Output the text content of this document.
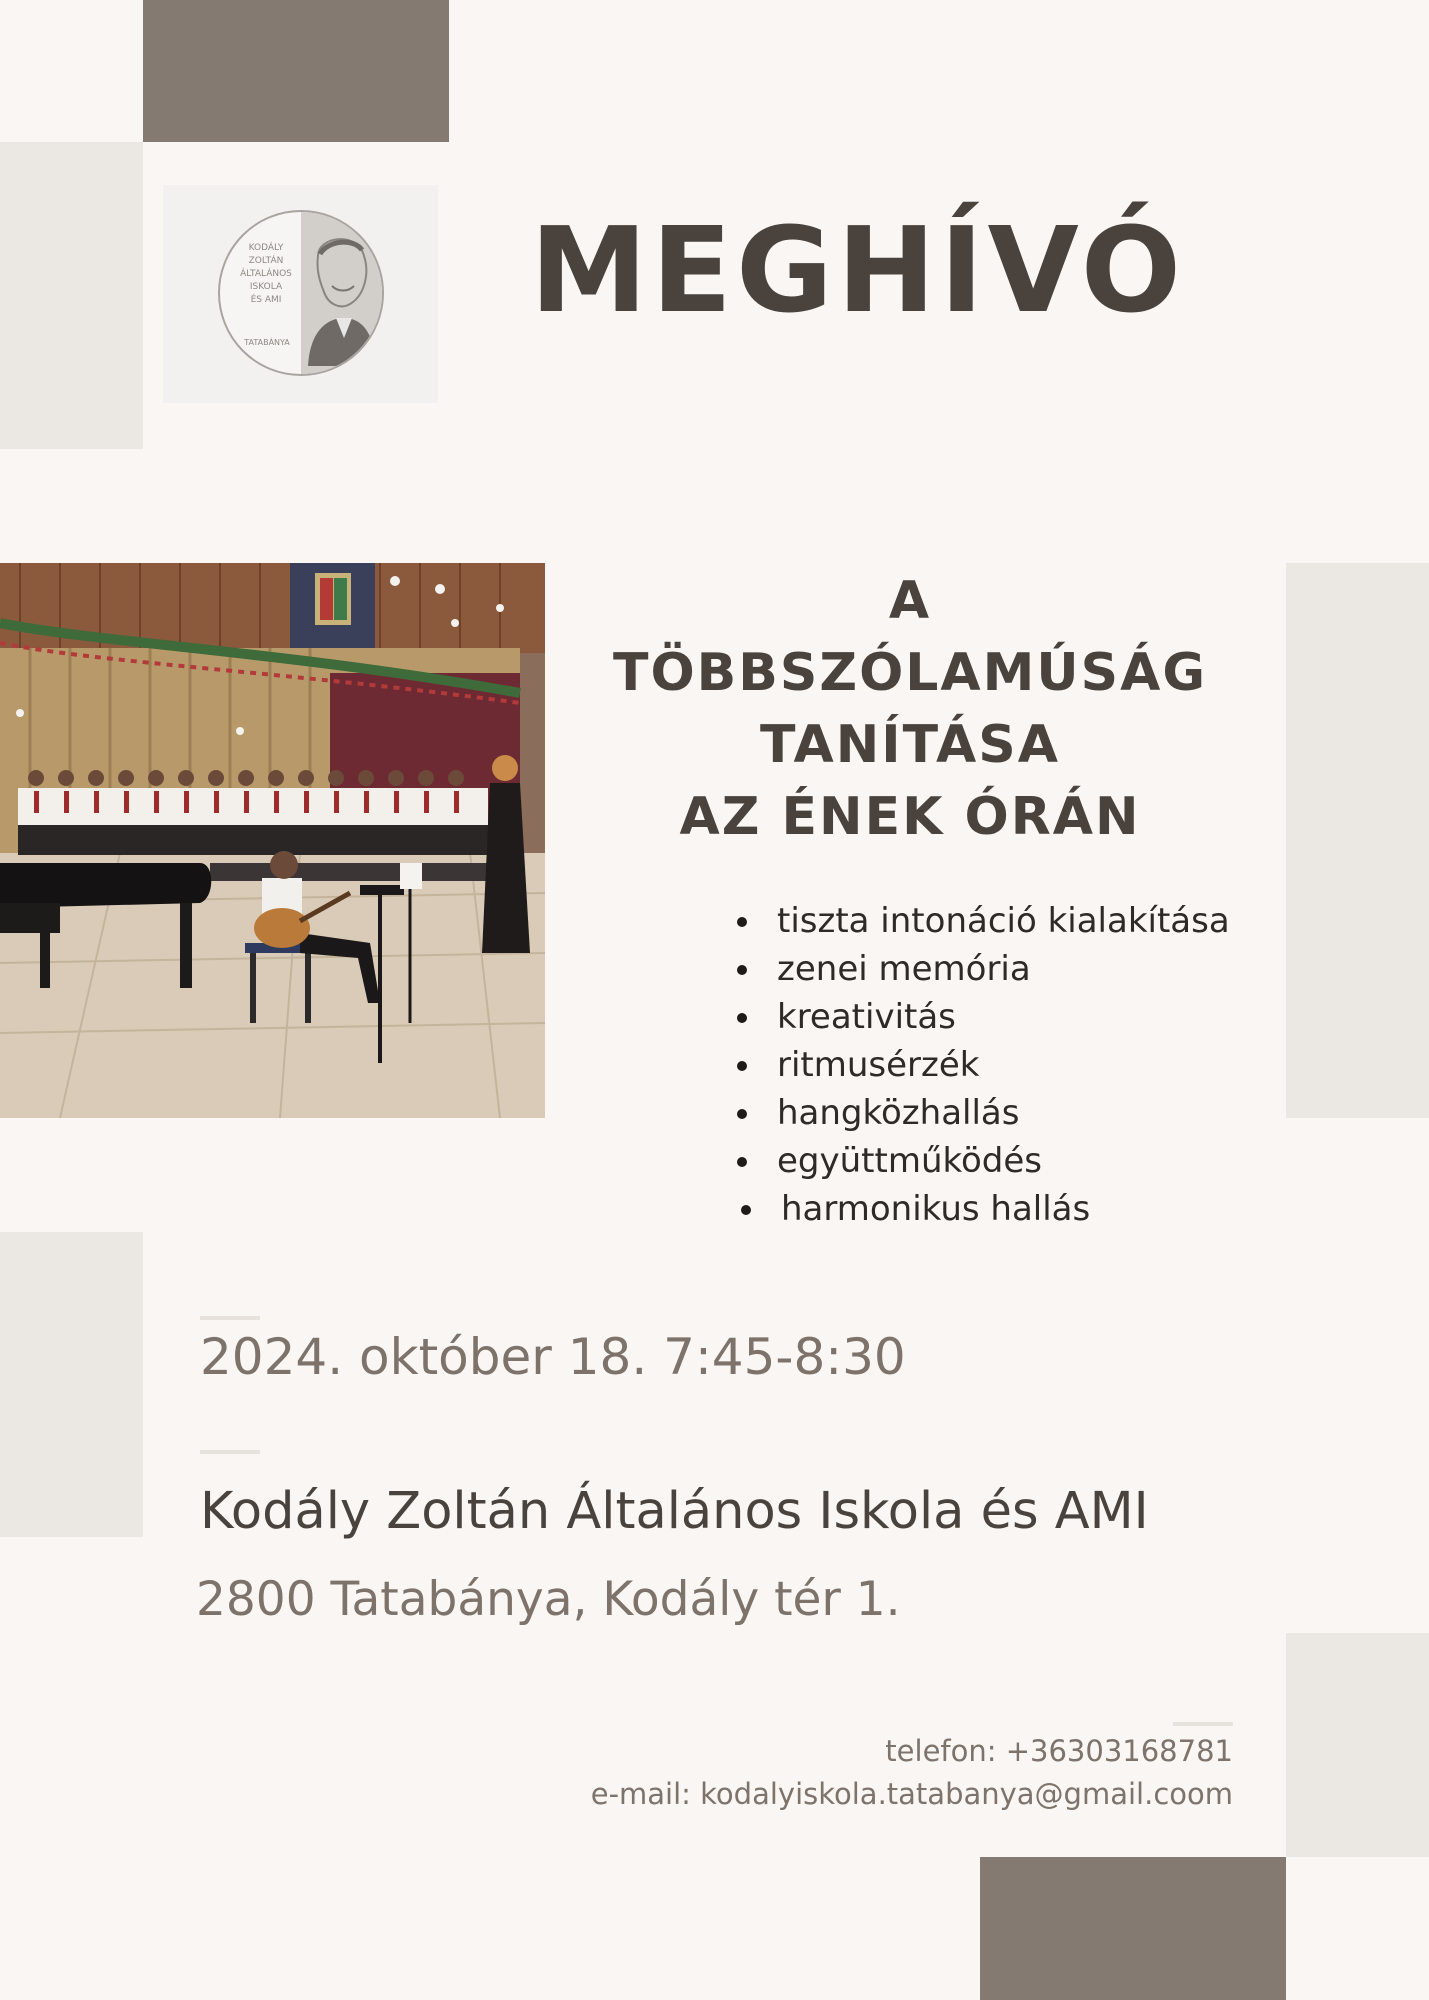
KODÁLY
ZOLTÁN
ÁLTALÁNOS
ISKOLA
ÉS AMI
TATABÁNYA
MEGHÍVÓ
A
TÖBBSZÓLAMÚSÁG
TANÍTÁSA
AZ ÉNEK ÓRÁN
tiszta intonáció kialakítása
zenei memória
kreativitás
ritmusérzék
hangközhallás
együttműködés
harmonikus hallás

2024. október 18. 7:45-8:30

Kodály Zoltán Általános Iskola és AMI

2800 Tatabánya, Kodály tér 1.

telefon: +36303168781
e-mail: kodalyiskola.tatabanya@gmail.coom
